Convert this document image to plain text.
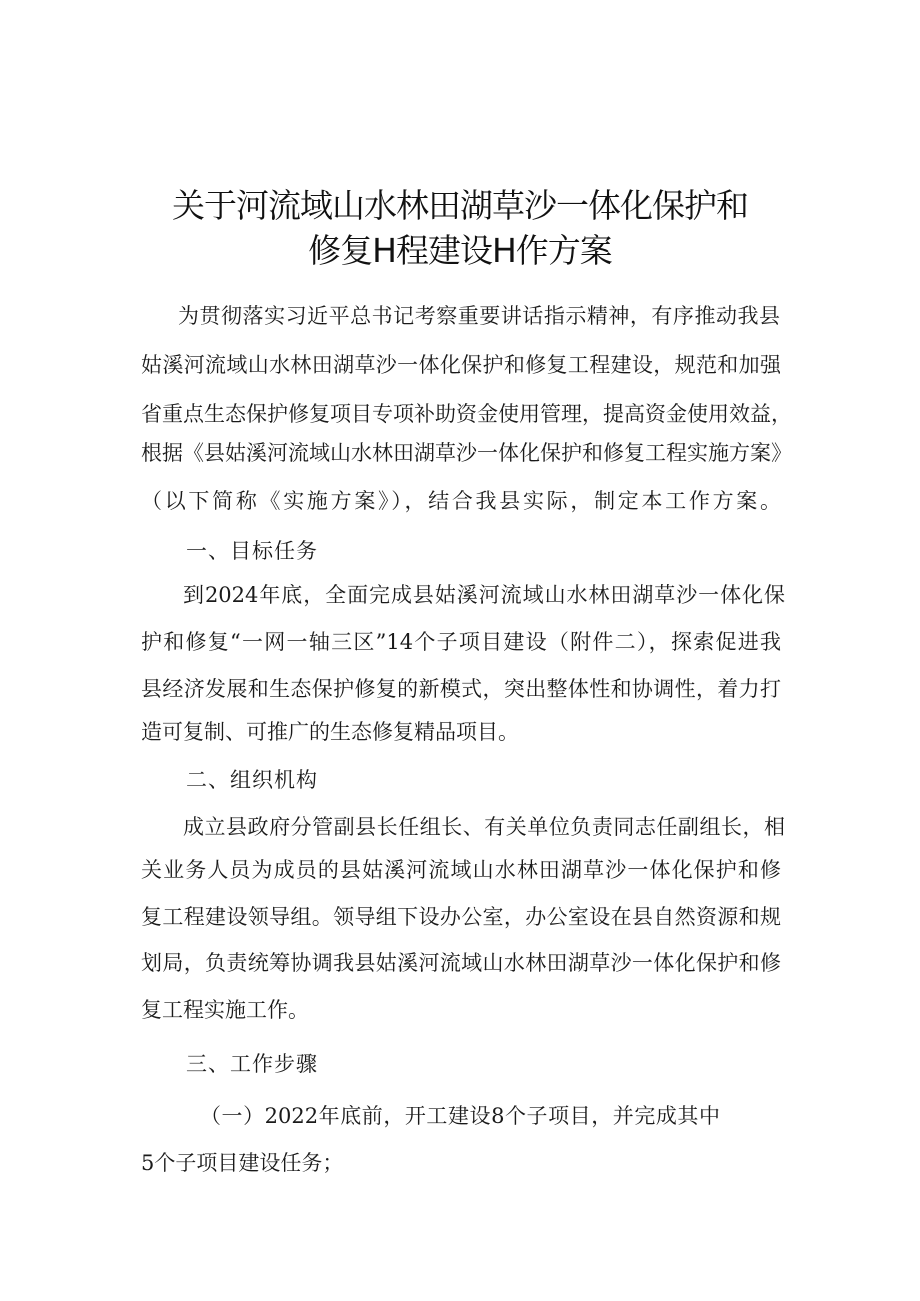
关于河流域山水林田湖草沙一体化保护和
修复H程建设H作方案
为贯彻落实习近平总书记考察重要讲话指示精神，有序推动我县
姑溪河流域山水林田湖草沙一体化保护和修复工程建设，规范和加强
省重点生态保护修复项目专项补助资金使用管理，提高资金使用效益，
根据《县姑溪河流域山水林田湖草沙一体化保护和修复工程实施方案》
（以下简称《实施方案》），结合我县实际，制定本工作方案。
一、目标任务
到2024年底，全面完成县姑溪河流域山水林田湖草沙一体化保
护和修复“一网一轴三区”14个子项目建设（附件二），探索促进我
县经济发展和生态保护修复的新模式，突出整体性和协调性，着力打
造可复制、可推广的生态修复精品项目。
二、组织机构
成立县政府分管副县长任组长、有关单位负责同志任副组长，相
关业务人员为成员的县姑溪河流域山水林田湖草沙一体化保护和修
复工程建设领导组。领导组下设办公室，办公室设在县自然资源和规
划局，负责统筹协调我县姑溪河流域山水林田湖草沙一体化保护和修
复工程实施工作。
三、工作步骤
（一）2022年底前，开工建设8个子项目，并完成其中
5个子项目建设任务；
